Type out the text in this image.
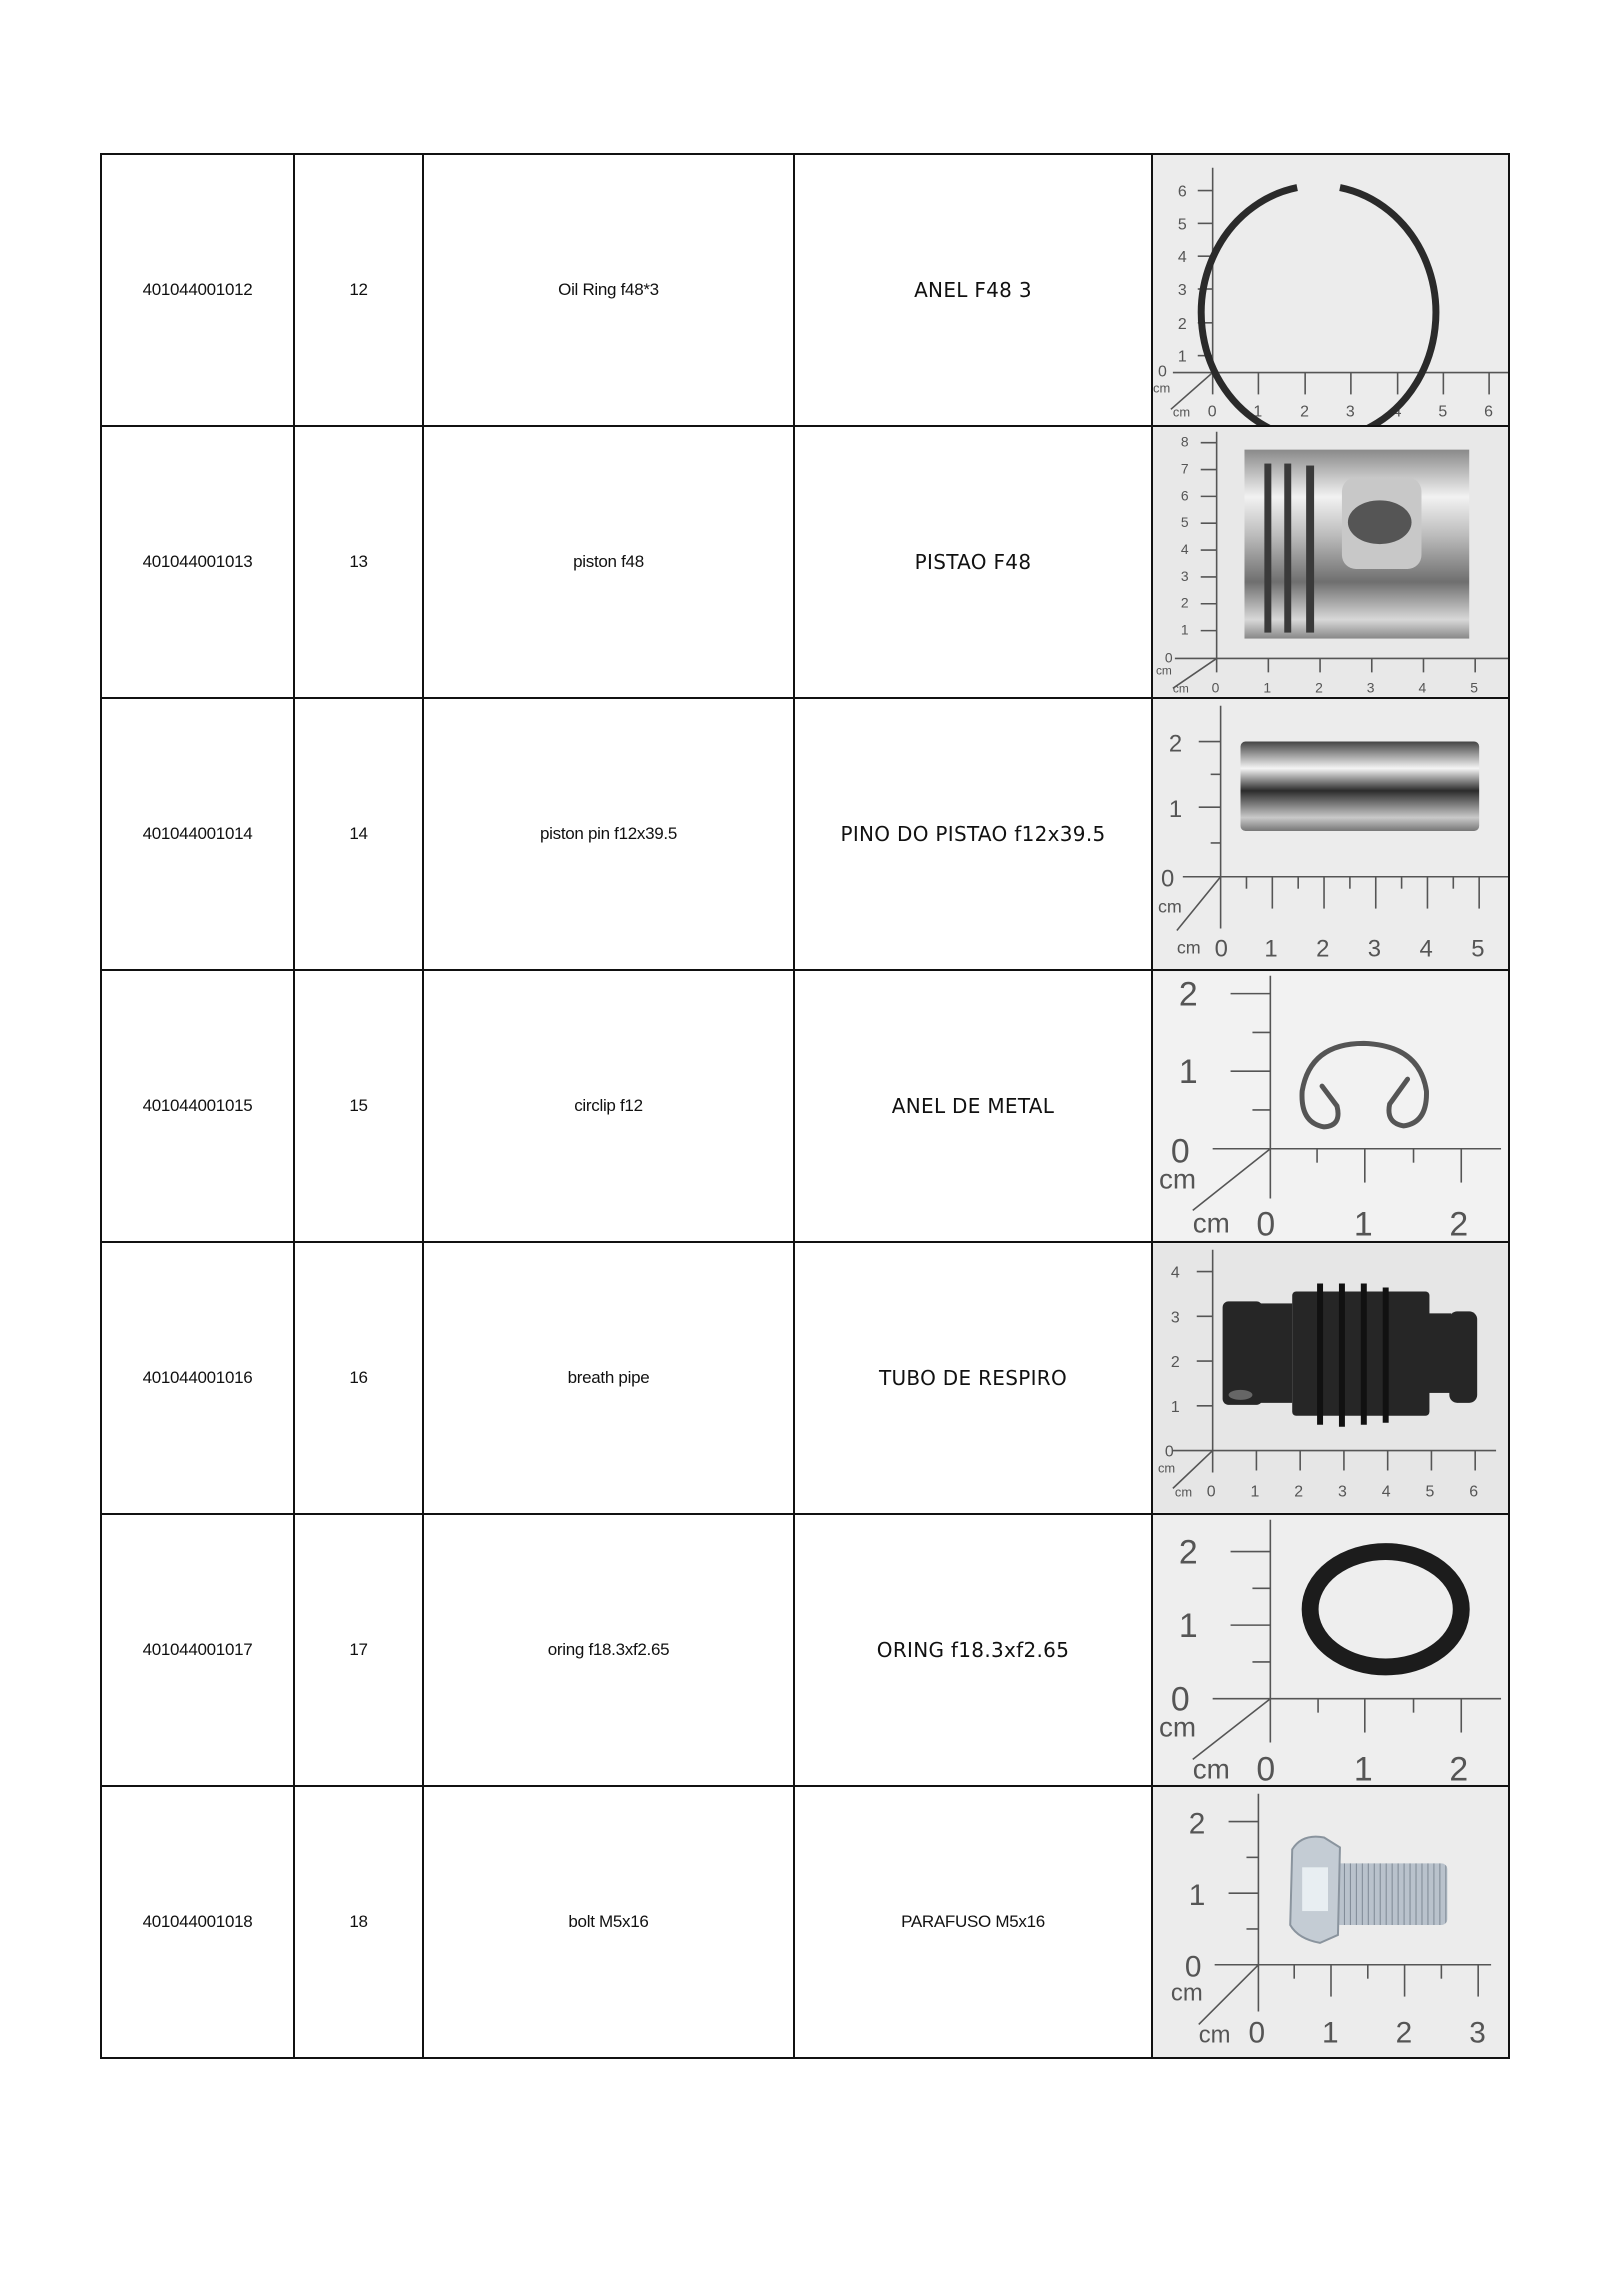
401044001012	12	Oil Ring f48*3	ANEL F48 3	
6
5
4
3
2
1
0
cm
cm 0 1 2 3 4 5 6

401044001013	13	piston f48	PISTAO F48	
8
7
6
5
4
3
2
1
0
cm
cm 0	1	2	3	4	5

401044001014	14	piston pin f12x39.5	PINO DO PISTAO f12x39.5	
2
1
0
cm
cm 0 1 2 3 4 5

401044001015	15	circlip f12	ANEL DE METAL	
2
1
0
cm
cm 0 1 2

401044001016	16	breath pipe	TUBO DE RESPIRO	
4
3
2
1
0
cm
cm 0 1 2 3 4 5 6

401044001017	17	oring f18.3xf2.65	ORING f18.3xf2.65	
2
1
0
cm
cm 0 1 2

401044001018	18	bolt M5x16	PARAFUSO M5x16	
2
1
0
cm
cm 0 1 2 3
